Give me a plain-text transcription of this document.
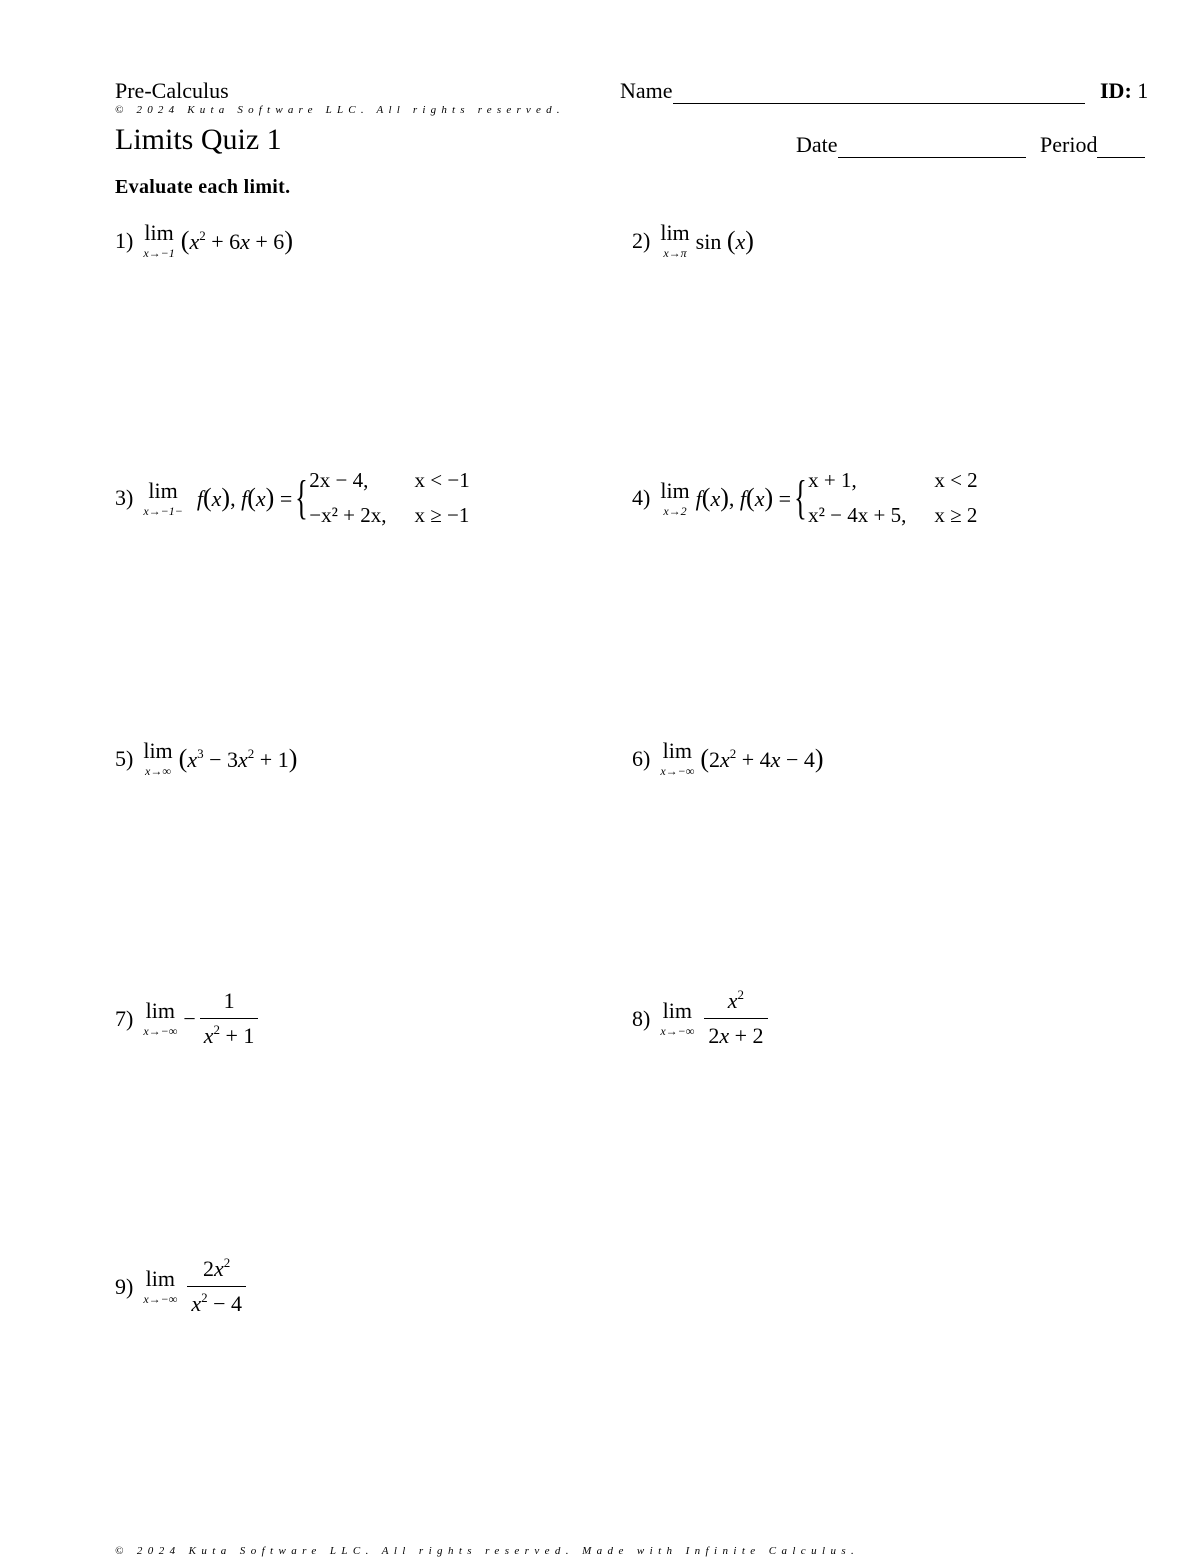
Pre-Calculus	Name	ID: 1
© 2024 Kuta Software LLC. All rights reserved.
Limits Quiz 1	Date	Period
Evaluate each limit.
1) lim
x→−1 $(x^2 + 6x + 6)$	2) lim
x→π sin (x)
3) lim
x→−1− f(x), f(x) = { 2x − 4,	x < −1
−x² + 2x,	x ≥ −1
4) lim
x→2 f(x), f(x) = { x + 1,	x < 2
x² − 4x + 5,	x ≥ 2
5) lim
x→∞ $(x^3 - 3x^2 + 1)$	6) lim
x→−∞ $(2x^2 + 4x - 4)$
7) lim
x→−∞
− $\frac{1}{x^2 + 1}$	8) lim
$x\to-\infty \frac{x^2}{2x + 2}$
9) lim
$x\to-\infty \frac{2x^2}{x^2 - 4}$
© 2024 Kuta Software LLC. All rights reserved. Made with Infinite Calculus.
